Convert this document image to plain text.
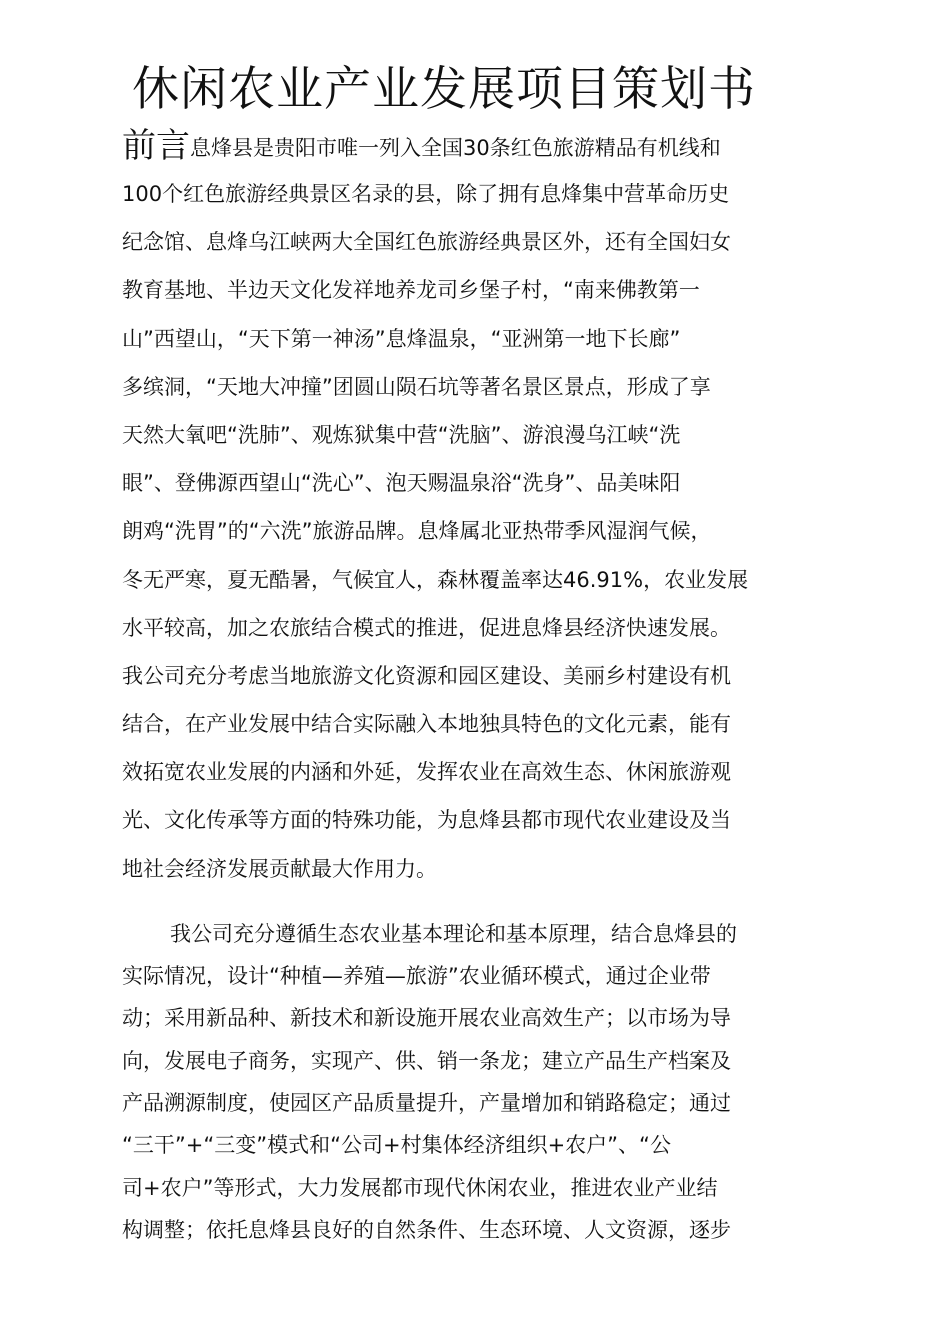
休闲农业产业发展项目策划书
前言息烽县是贵阳市唯一列入全国30条红色旅游精品有机线和
100个红色旅游经典景区名录的县，除了拥有息烽集中营革命历史
纪念馆、息烽乌江峡两大全国红色旅游经典景区外，还有全国妇女
教育基地、半边天文化发祥地养龙司乡堡子村，“南来佛教第一
山”西望山，“天下第一神汤”息烽温泉，“亚洲第一地下长廊”
多缤洞，“天地大冲撞”团圆山陨石坑等著名景区景点，形成了享
天然大氧吧“洗肺”、观炼狱集中营“洗脑”、游浪漫乌江峡“洗
眼”、登佛源西望山“洗心”、泡天赐温泉浴“洗身”、品美味阳
朗鸡“洗胃”的“六洗”旅游品牌。息烽属北亚热带季风湿润气候，
冬无严寒，夏无酷暑，气候宜人，森林覆盖率达46.91%，农业发展
水平较高，加之农旅结合模式的推进，促进息烽县经济快速发展。
我公司充分考虑当地旅游文化资源和园区建设、美丽乡村建设有机
结合，在产业发展中结合实际融入本地独具特色的文化元素，能有
效拓宽农业发展的内涵和外延，发挥农业在高效生态、休闲旅游观
光、文化传承等方面的特殊功能，为息烽县都市现代农业建设及当
地社会经济发展贡献最大作用力。
我公司充分遵循生态农业基本理论和基本原理，结合息烽县的
实际情况，设计“种植—养殖—旅游”农业循环模式，通过企业带
动；采用新品种、新技术和新设施开展农业高效生产；以市场为导
向，发展电子商务，实现产、供、销一条龙；建立产品生产档案及
产品溯源制度，使园区产品质量提升，产量增加和销路稳定；通过
“三干”+“三变”模式和“公司+村集体经济组织+农户”、“公
司+农户”等形式，大力发展都市现代休闲农业，推进农业产业结
构调整；依托息烽县良好的自然条件、生态环境、人文资源，逐步
